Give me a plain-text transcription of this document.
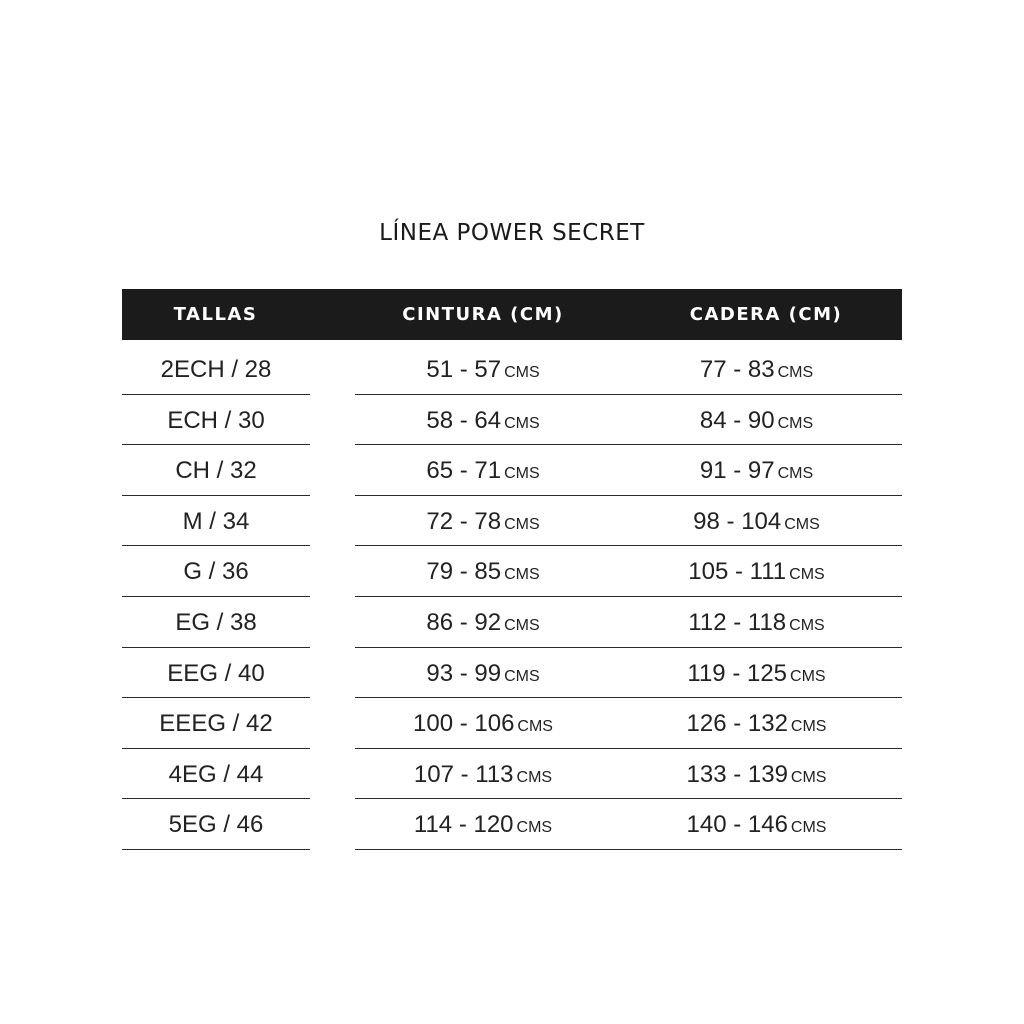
LÍNEA POWER SECRET
TALLAS	CINTURA (CM)	CADERA (CM)
2ECH / 28	51 - 57 CMS	77 - 83 CMS
ECH / 30	58 - 64 CMS	84 - 90 CMS
CH / 32	65 - 71 CMS	91 - 97 CMS
M / 34	72 - 78 CMS	98 - 104 CMS
G / 36	79 - 85 CMS	105 - 111 CMS
EG / 38	86 - 92 CMS	112 - 118 CMS
EEG / 40	93 - 99 CMS	119 - 125 CMS
EEEG / 42	100 - 106 CMS	126 - 132 CMS
4EG / 44	107 - 113 CMS	133 - 139 CMS
5EG / 46	114 - 120 CMS	140 - 146 CMS
